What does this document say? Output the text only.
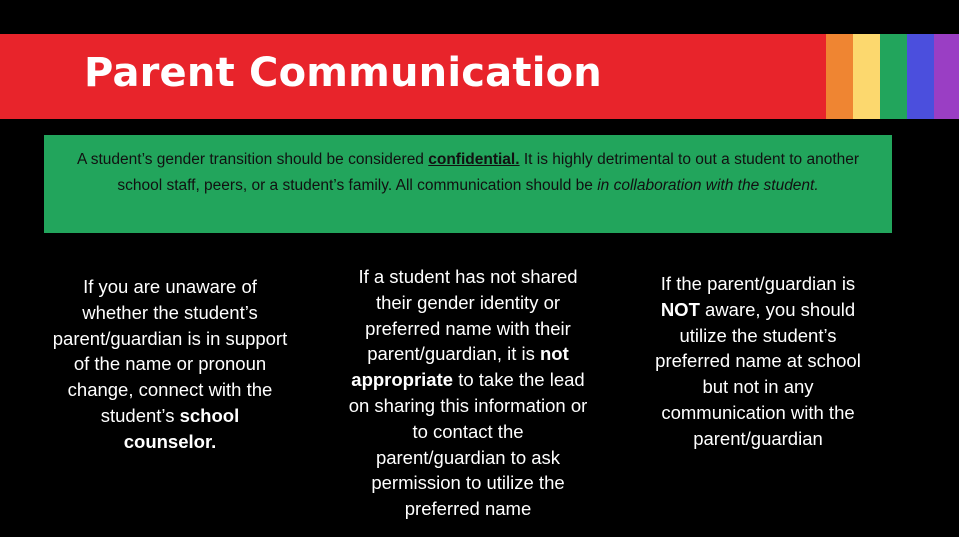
Parent Communication
A student’s gender transition should be considered confidential. It is highly detrimental to out a student to another school staff, peers, or a student’s family. All communication should be in collaboration with the student.
If you are unaware of whether the student’s parent/guardian is in support of the name or pronoun change, connect with the student’s school counselor.
If a student has not shared their gender identity or preferred name with their parent/guardian, it is not appropriate to take the lead on sharing this information or to contact the parent/guardian to ask permission to utilize the preferred name
If the parent/guardian is NOT aware, you should utilize the student’s preferred name at school but not in any communication with the parent/guardian
